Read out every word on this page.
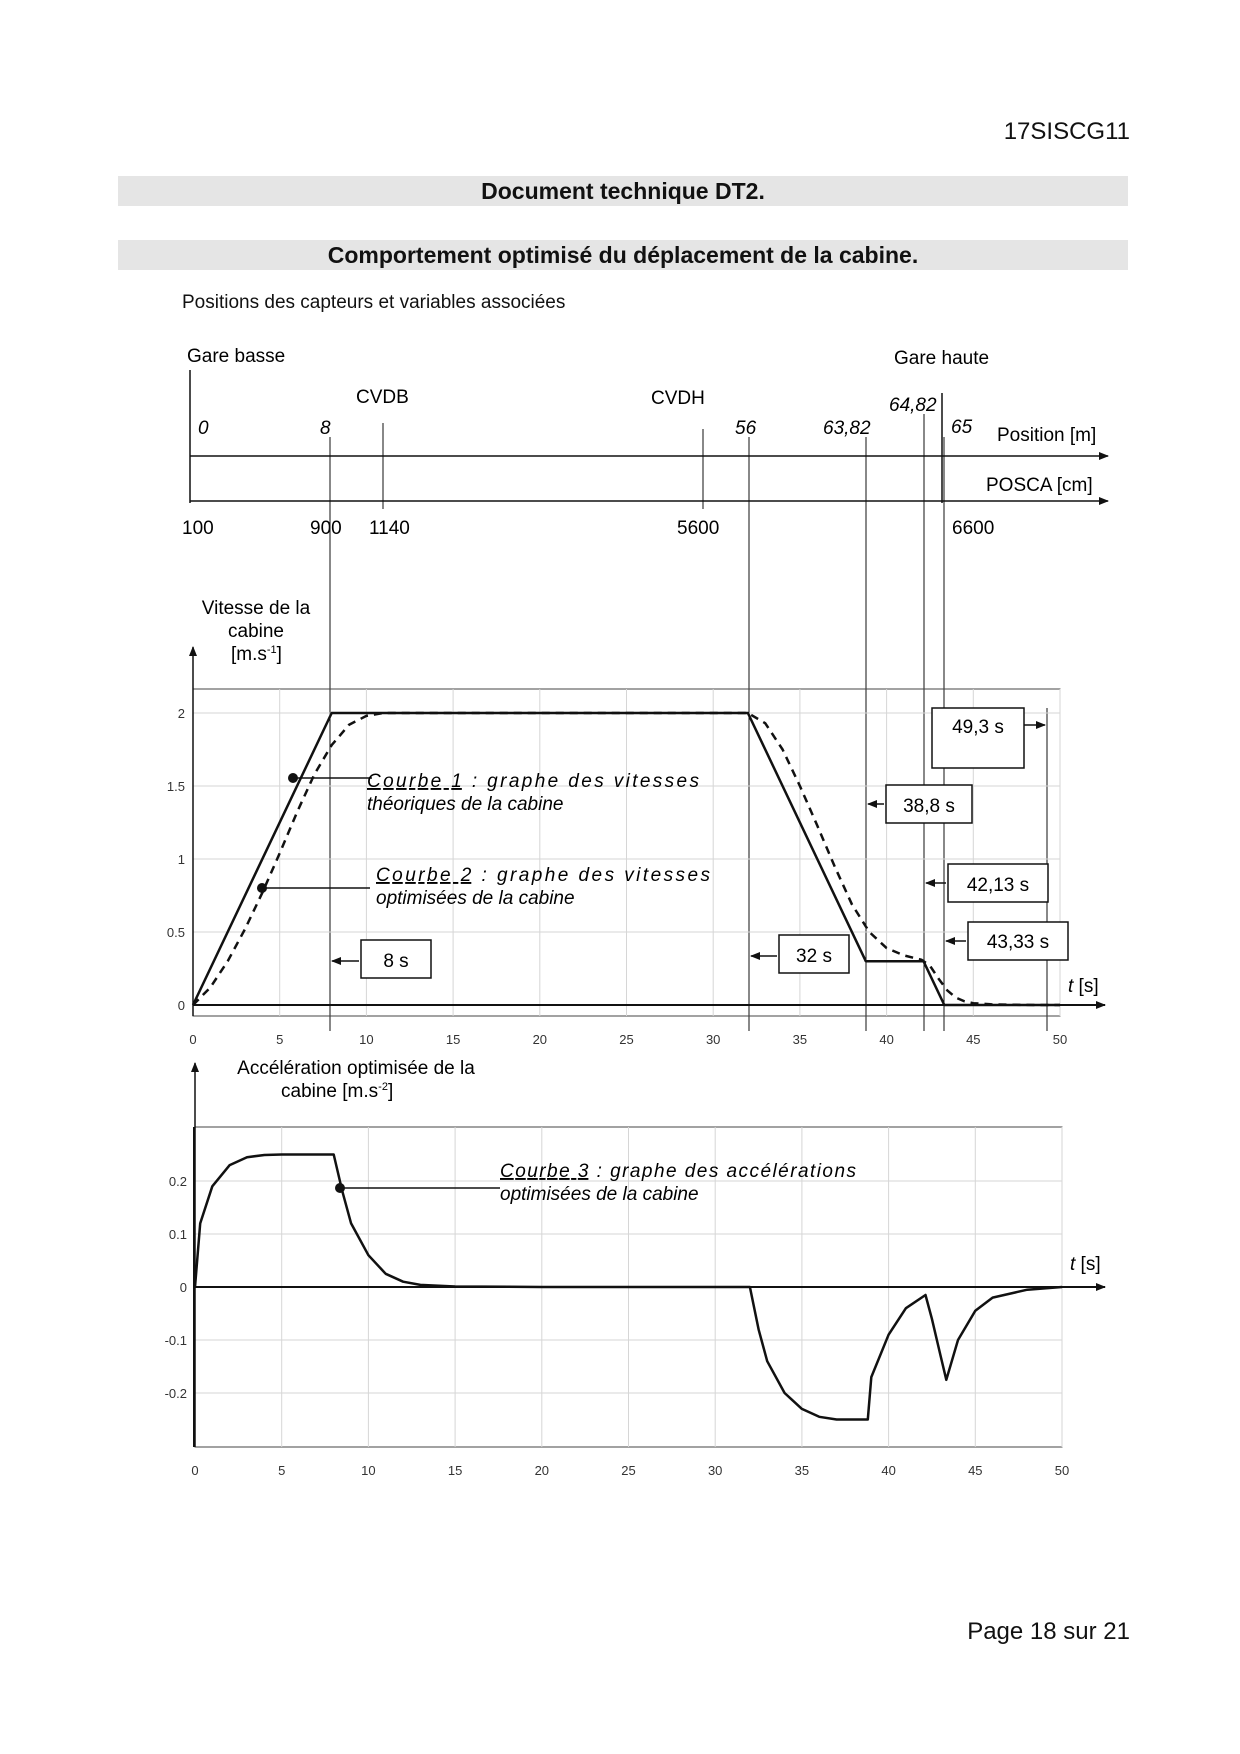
17SISCG11
Document technique DT2.
Comportement optimisé du déplacement de la cabine.
Positions des capteurs et variables associées
Page 18 sur 21
Gare basse	Gare haute
CVDB	CVDH
Position [m]
POSCA [cm]
0	8	56	63,82
64,82
65
100	900 1140	5600	6600
0	5	10	15	20	25	30	35	40	45	50
0
0.5
1
1.5
2
Vitesse de la
cabine
$[m.s^{-1}]$
t [s]
Courbe 1 : graphe des vitesses
théoriques de la cabine
Courbe 2 : graphe des vitesses
optimisées de la cabine
8 s	32 s
38,8 s
42,13 s
43,33 s
49,3 s
0	5	10	15	20	25	30	35	40	45	50
-0.2
-0.1
0
0.1
0.2
Accélération optimisée de la
cabine $[m.s^{-2}]$
t [s]
Courbe 3 : graphe des accélérations
optimisées de la cabine
